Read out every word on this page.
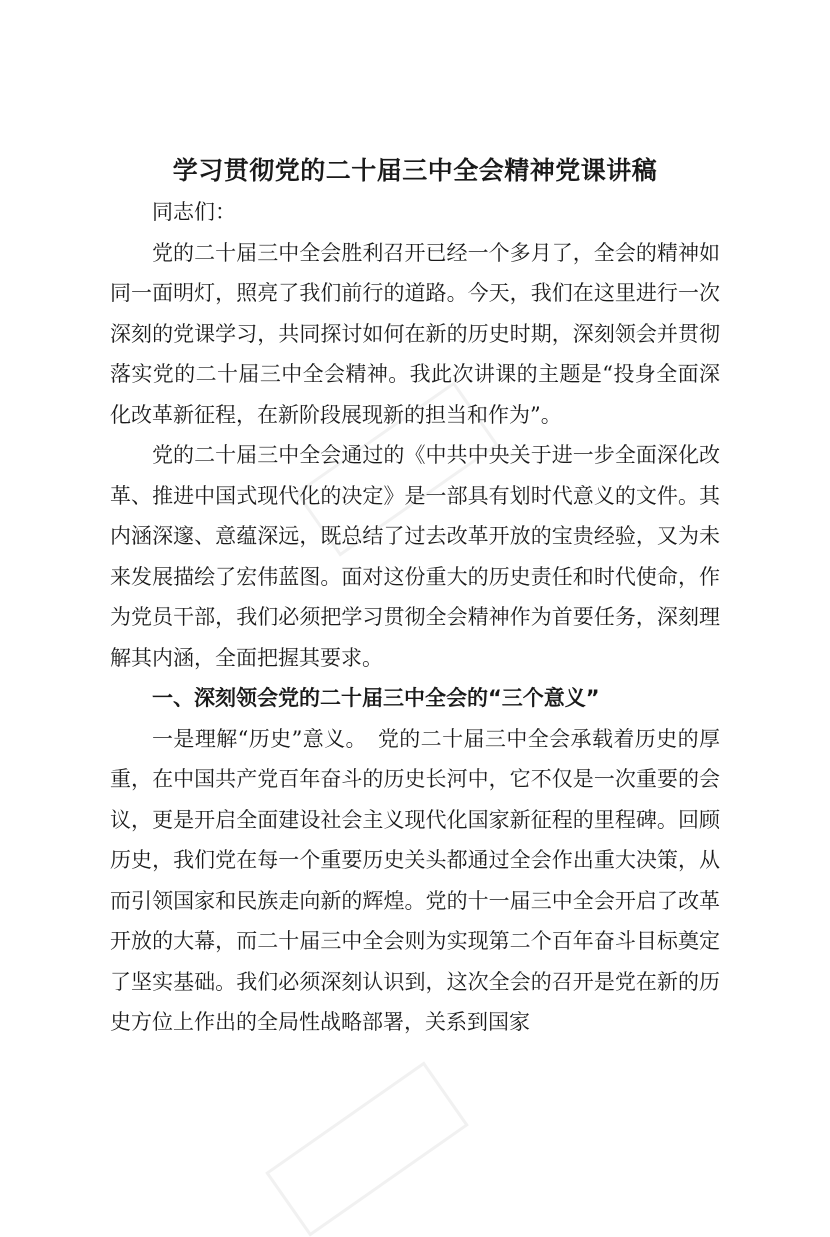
学习贯彻党的二十届三中全会精神党课讲稿

同志们：

党的二十届三中全会胜利召开已经一个多月了，全会的精神如同一面明灯，照亮了我们前行的道路。今天，我们在这里进行一次深刻的党课学习，共同探讨如何在新的历史时期，深刻领会并贯彻落实党的二十届三中全会精神。我此次讲课的主题是“投身全面深化改革新征程，在新阶段展现新的担当和作为”。

党的二十届三中全会通过的《中共中央关于进一步全面深化改革、推进中国式现代化的决定》是一部具有划时代意义的文件。其内涵深邃、意蕴深远，既总结了过去改革开放的宝贵经验，又为未来发展描绘了宏伟蓝图。面对这份重大的历史责任和时代使命，作为党员干部，我们必须把学习贯彻全会精神作为首要任务，深刻理解其内涵，全面把握其要求。

一、深刻领会党的二十届三中全会的“三个意义”

一是理解“历史”意义。　党的二十届三中全会承载着历史的厚重，在中国共产党百年奋斗的历史长河中，它不仅是一次重要的会议，更是开启全面建设社会主义现代化国家新征程的里程碑。回顾历史，我们党在每一个重要历史关头都通过全会作出重大决策，从而引领国家和民族走向新的辉煌。党的十一届三中全会开启了改革开放的大幕，而二十届三中全会则为实现第二个百年奋斗目标奠定了坚实基础。我们必须深刻认识到，这次全会的召开是党在新的历史方位上作出的全局性战略部署，关系到国家
